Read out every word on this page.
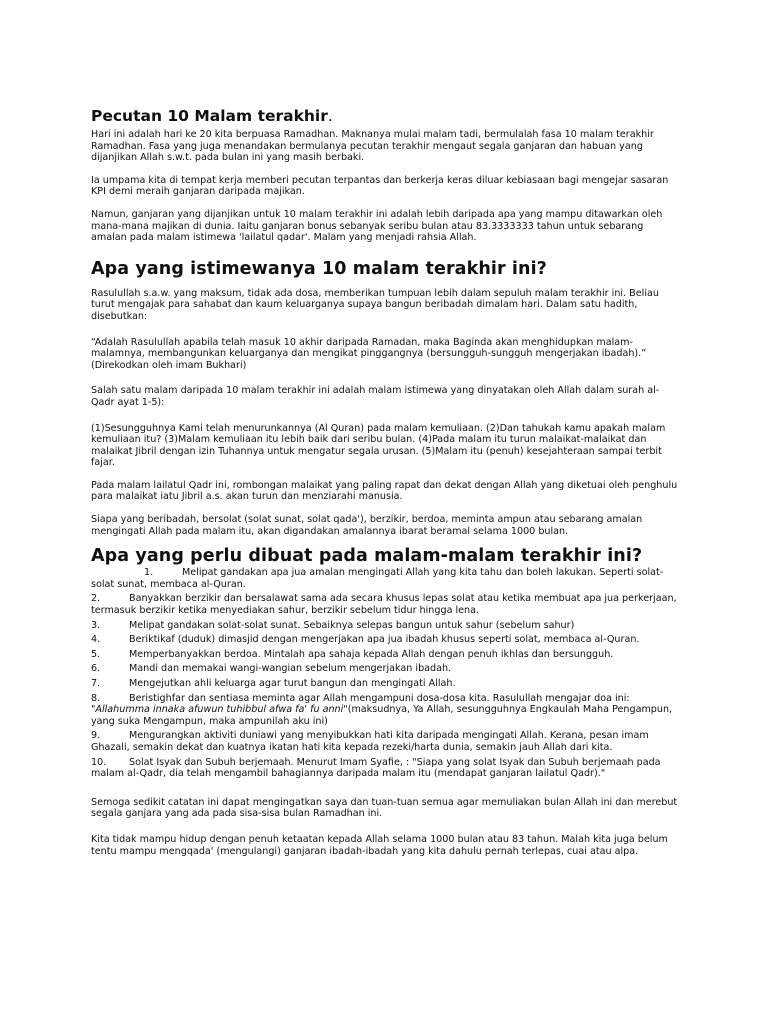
Pecutan 10 Malam terakhir.

Hari ini adalah hari ke 20 kita berpuasa Ramadhan. Maknanya mulai malam tadi, bermulalah fasa 10 malam terakhir Ramadhan. Fasa yang juga menandakan bermulanya pecutan terakhir mengaut segala ganjaran dan habuan yang dijanjikan Allah s.w.t. pada bulan ini yang masih berbaki.

Ia umpama kita di tempat kerja memberi pecutan terpantas dan berkerja keras diluar kebiasaan bagi mengejar sasaran KPI demi meraih ganjaran daripada majikan.

Namun, ganjaran yang dijanjikan untuk 10 malam terakhir ini adalah lebih daripada apa yang mampu ditawarkan oleh mana-mana majikan di dunia. Iaitu ganjaran bonus sebanyak seribu bulan atau 83.3333333 tahun untuk sebarang amalan pada malam istimewa 'lailatul qadar'. Malam yang menjadi rahsia Allah.

Apa yang istimewanya 10 malam terakhir ini?

Rasulullah s.a.w. yang maksum, tidak ada dosa, memberikan tumpuan lebih dalam sepuluh malam terakhir ini. Beliau turut mengajak para sahabat dan kaum keluarganya supaya bangun beribadah dimalam hari. Dalam satu hadith, disebutkan:

“Adalah Rasulullah apabila telah masuk 10 akhir daripada Ramadan, maka Baginda akan menghidupkan malam-malamnya, membangunkan keluarganya dan mengikat pinggangnya (bersungguh-sungguh mengerjakan ibadah).” (Direkodkan oleh imam Bukhari)

Salah satu malam daripada 10 malam terakhir ini adalah malam istimewa yang dinyatakan oleh Allah dalam surah al-Qadr ayat 1-5):

(1)Sesungguhnya Kami telah menurunkannya (Al Quran) pada malam kemuliaan. (2)Dan tahukah kamu apakah malam kemuliaan itu? (3)Malam kemuliaan itu lebih baik dari seribu bulan. (4)Pada malam itu turun malaikat-malaikat dan malaikat Jibril dengan izin Tuhannya untuk mengatur segala urusan. (5)Malam itu (penuh) kesejahteraan sampai terbit fajar.

Pada malam lailatul Qadr ini, rombongan malaikat yang paling rapat dan dekat dengan Allah yang diketuai oleh penghulu para malaikat iatu Jibril a.s. akan turun dan menziarahi manusia.

Siapa yang beribadah, bersolat (solat sunat, solat qada'), berzikir, berdoa, meminta ampun atau sebarang amalan mengingati Allah pada malam itu, akan digandakan amalannya ibarat beramal selama 1000 bulan.

Apa yang perlu dibuat pada malam-malam terakhir ini?
1.	Melipat gandakan apa jua amalan mengingati Allah yang kita tahu dan boleh lakukan. Seperti solat-solat sunat, membaca al-Quran.
2.	Banyakkan berzikir dan bersalawat sama ada secara khusus lepas solat atau ketika membuat apa jua perkerjaan, termasuk berzikir ketika menyediakan sahur, berzikir sebelum tidur hingga lena.
3.	Melipat gandakan solat-solat sunat. Sebaiknya selepas bangun untuk sahur (sebelum sahur)
4.	Beriktikaf (duduk) dimasjid dengan mengerjakan apa jua ibadah khusus seperti solat, membaca al-Quran.
5.	Memperbanyakkan berdoa. Mintalah apa sahaja kepada Allah dengan penuh ikhlas dan bersungguh.
6.	Mandi dan memakai wangi-wangian sebelum mengerjakan ibadah.
7.	Mengejutkan ahli keluarga agar turut bangun dan mengingati Allah.
8.	Beristighfar dan sentiasa meminta agar Allah mengampuni dosa-dosa kita. Rasulullah mengajar doa ini: "Allahumma innaka afuwun tuhibbul afwa fa' fu anni"(maksudnya, Ya Allah, sesungguhnya Engkaulah Maha Pengampun, yang suka Mengampun, maka ampunilah aku ini)
9.	Mengurangkan aktiviti duniawi yang menyibukkan hati kita daripada mengingati Allah. Kerana, pesan imam Ghazali, semakin dekat dan kuatnya ikatan hati kita kepada rezeki/harta dunia, semakin jauh Allah dari kita.
10. Solat Isyak dan Subuh berjemaah. Menurut Imam Syafie, : "Siapa yang solat Isyak dan Subuh berjemaah pada malam al-Qadr, dia telah mengambil bahagiannya daripada malam itu (mendapat ganjaran lailatul Qadr)."

Semoga sedikit catatan ini dapat mengingatkan saya dan tuan-tuan semua agar memuliakan bulan Allah ini dan merebut segala ganjara yang ada pada sisa-sisa bulan Ramadhan ini.

Kita tidak mampu hidup dengan penuh ketaatan kepada Allah selama 1000 bulan atau 83 tahun. Malah kita juga belum tentu mampu mengqada' (mengulangi) ganjaran ibadah-ibadah yang kita dahulu pernah terlepas, cuai atau alpa.
